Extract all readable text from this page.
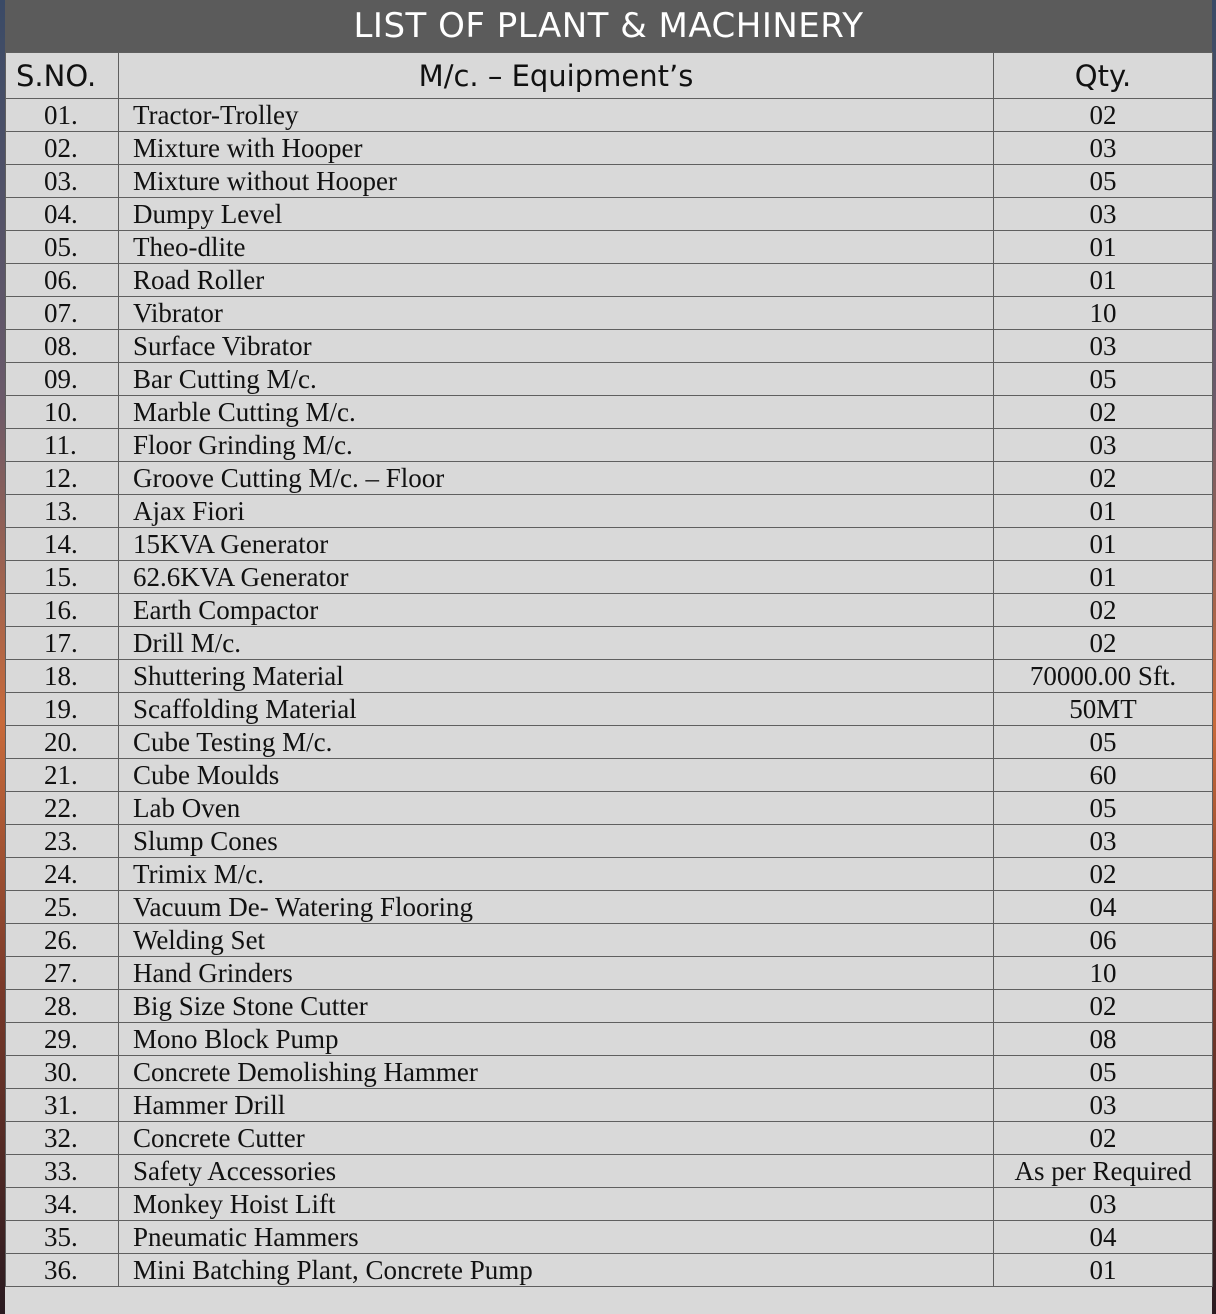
LIST OF PLANT & MACHINERY
S.NO.	M/c. – Equipment’s	Qty.
01.	Tractor-Trolley	02
02.	Mixture with Hooper	03
03.	Mixture without Hooper	05
04.	Dumpy Level	03
05.	Theo-dlite	01
06.	Road Roller	01
07.	Vibrator	10
08.	Surface Vibrator	03
09.	Bar Cutting M/c.	05
10.	Marble Cutting M/c.	02
11.	Floor Grinding M/c.	03
12.	Groove Cutting M/c. – Floor	02
13.	Ajax Fiori	01
14.	15KVA Generator	01
15.	62.6KVA Generator	01
16.	Earth Compactor	02
17.	Drill M/c.	02
18.	Shuttering Material	70000.00 Sft.
19.	Scaffolding Material	50MT
20.	Cube Testing M/c.	05
21.	Cube Moulds	60
22.	Lab Oven	05
23.	Slump Cones	03
24.	Trimix M/c.	02
25.	Vacuum De- Watering Flooring	04
26.	Welding Set	06
27.	Hand Grinders	10
28.	Big Size Stone Cutter	02
29.	Mono Block Pump	08
30.	Concrete Demolishing Hammer	05
31.	Hammer Drill	03
32.	Concrete Cutter	02
33.	Safety Accessories	As per Required
34.	Monkey Hoist Lift	03
35.	Pneumatic Hammers	04
36.	Mini Batching Plant, Concrete Pump	01
